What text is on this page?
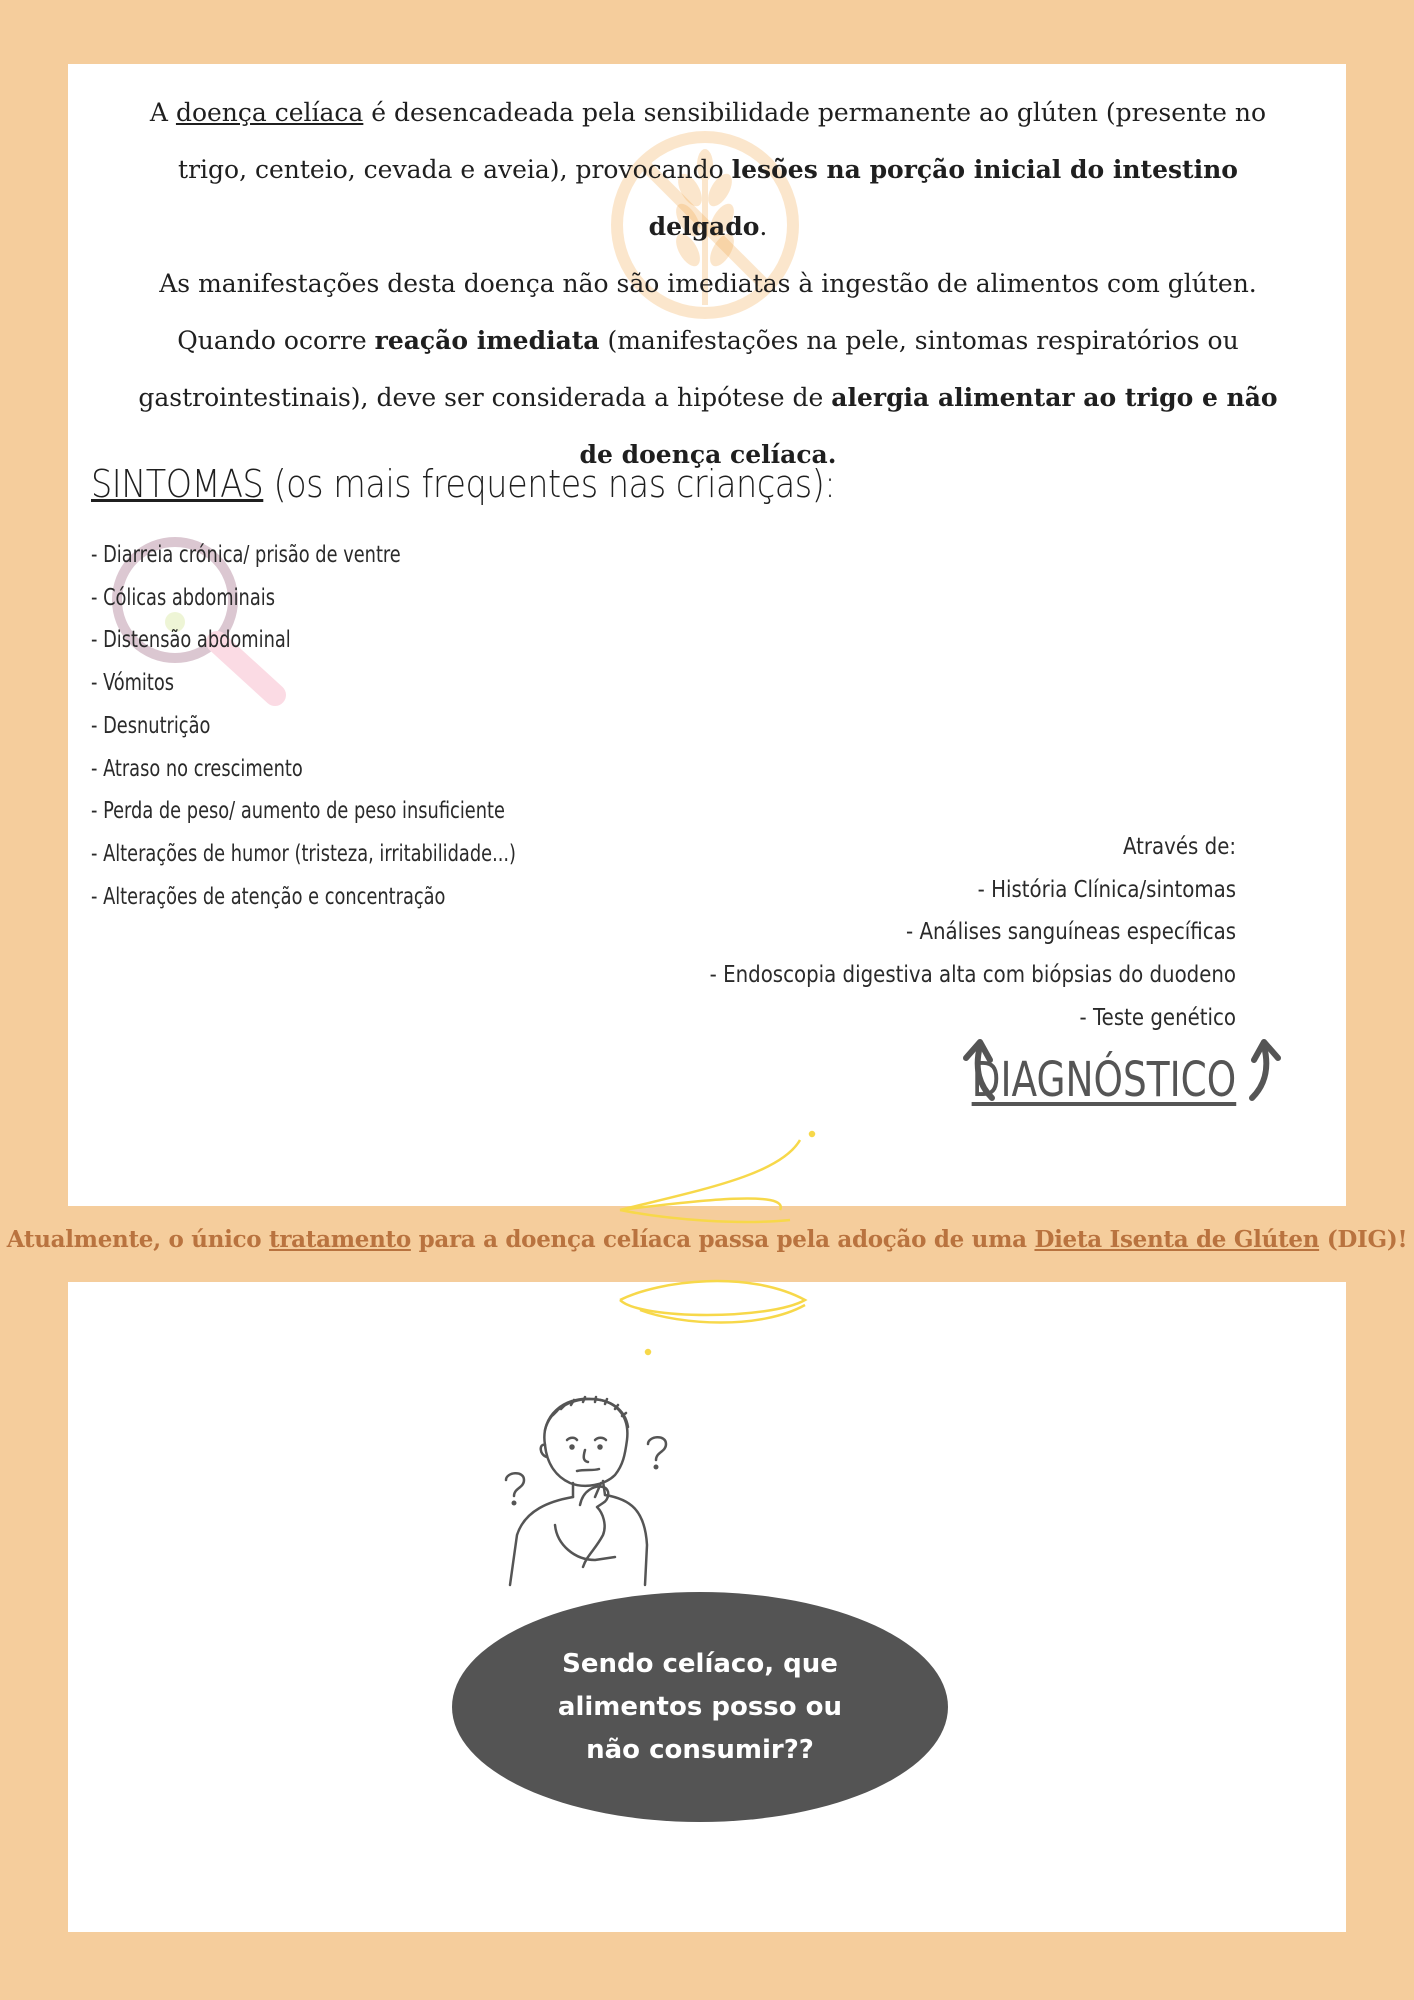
A doença celíaca é desencadeada pela sensibilidade permanente ao glúten (presente no trigo, centeio, cevada e aveia), provocando lesões na porção inicial do intestino delgado.

As manifestações desta doença não são imediatas à ingestão de alimentos com glúten.

Quando ocorre reação imediata (manifestações na pele, sintomas respiratórios ou gastrointestinais), deve ser considerada a hipótese de alergia alimentar ao trigo e não de doença celíaca.

SINTOMAS (os mais frequentes nas crianças):
- Diarreia crónica/ prisão de ventre
- Cólicas abdominais
- Distensão abdominal
- Vómitos
- Desnutrição
- Atraso no crescimento
- Perda de peso/ aumento de peso insuficiente
- Alterações de humor (tristeza, irritabilidade...)
- Alterações de atenção e concentração
Através de:
- História Clínica/sintomas
- Análises sanguíneas específicas
- Endoscopia digestiva alta com biópsias do duodeno
- Teste genético
DIAGNÓSTICO
Atualmente, o único tratamento para a doença celíaca passa pela adoção de uma Dieta Isenta de Glúten (DIG)!
Sendo celíaco, que alimentos posso ou não consumir??
